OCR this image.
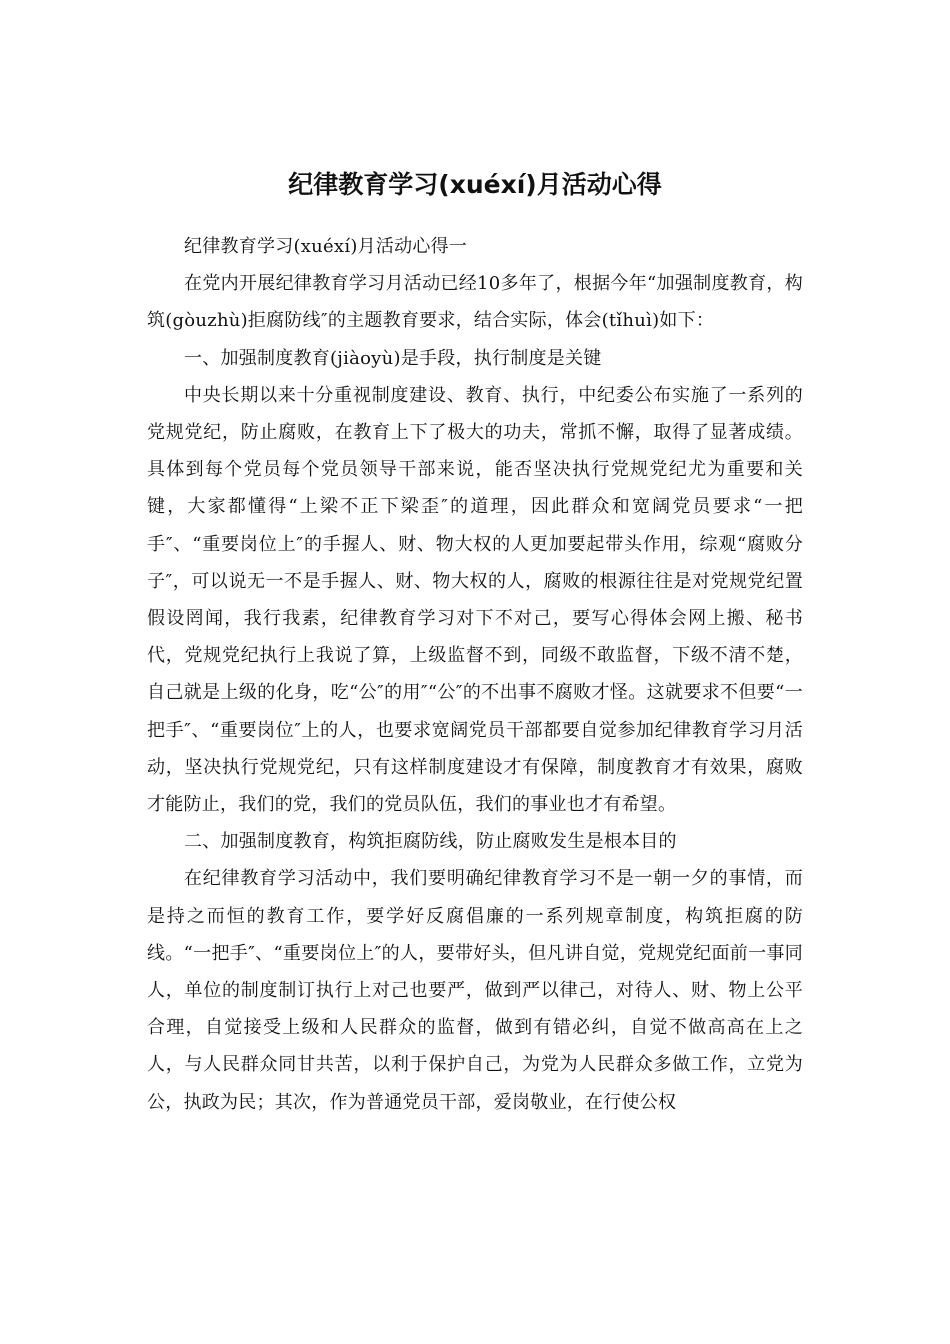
纪律教育学习(xuéxí)月活动心得

纪律教育学习(xuéxí)月活动心得一

在党内开展纪律教育学习月活动已经10多年了，根据今年“加强制度教育，构筑(gòuzhù)拒腐防线″的主题教育要求，结合实际，体会(tǐhuì)如下：

一、加强制度教育(jiàoyù)是手段，执行制度是关键

中央长期以来十分重视制度建设、教育、执行，中纪委公布实施了一系列的党规党纪，防止腐败，在教育上下了极大的功夫，常抓不懈，取得了显著成绩。具体到每个党员每个党员领导干部来说，能否坚决执行党规党纪尤为重要和关键，大家都懂得“上梁不正下梁歪″的道理，因此群众和宽阔党员要求“一把手″、“重要岗位上″的手握人、财、物大权的人更加要起带头作用，综观“腐败分子″，可以说无一不是手握人、财、物大权的人，腐败的根源往往是对党规党纪置假设罔闻，我行我素，纪律教育学习对下不对己，要写心得体会网上搬、秘书代，党规党纪执行上我说了算，上级监督不到，同级不敢监督，下级不清不楚，自己就是上级的化身，吃“公″的用″“公″的不出事不腐败才怪。这就要求不但要“一把手″、“重要岗位″上的人，也要求宽阔党员干部都要自觉参加纪律教育学习月活动，坚决执行党规党纪，只有这样制度建设才有保障，制度教育才有效果，腐败才能防止，我们的党，我们的党员队伍，我们的事业也才有希望。

二、加强制度教育，构筑拒腐防线，防止腐败发生是根本目的

在纪律教育学习活动中，我们要明确纪律教育学习不是一朝一夕的事情，而是持之而恒的教育工作，要学好反腐倡廉的一系列规章制度，构筑拒腐的防线。“一把手″、“重要岗位上″的人，要带好头，但凡讲自觉，党规党纪面前一事同人，单位的制度制订执行上对己也要严，做到严以律己，对待人、财、物上公平合理，自觉接受上级和人民群众的监督，做到有错必纠，自觉不做高高在上之人，与人民群众同甘共苦，以利于保护自己，为党为人民群众多做工作，立党为公，执政为民；其次，作为普通党员干部，爱岗敬业，在行使公权
